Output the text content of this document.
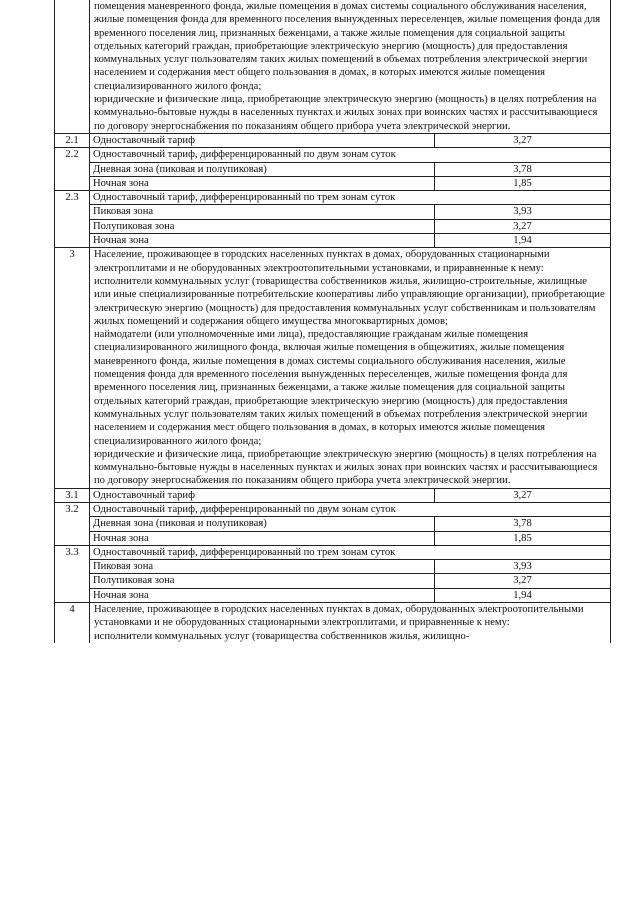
	помещения маневренного фонда, жилые помещения в домах системы социального обслуживания населения, жилые помещения фонда для временного поселения вынужденных переселенцев, жилые помещения фонда для временного поселения лиц, признанных беженцами, а также жилые помещения для социальной защиты отдельных категорий граждан, приобретающие электрическую энергию (мощность) для предоставления коммунальных услуг пользователям таких жилых помещений в объемах потребления электрической энергии населением и содержания мест общего пользования в домах, в которых имеются жилые помещения специализированного жилого фонда;
юридические и физические лица, приобретающие электрическую энергию (мощность) в целях потребления на коммунально-бытовые нужды в населенных пунктах и жилых зонах при воинских частях и рассчитывающиеся по договору энергоснабжения по показаниям общего прибора учета электрической энергии.	

2.1	Одноставочный тариф	3,27
2.2	Одноставочный тариф, дифференцированный по двум зонам суток	
	Дневная зона (пиковая и полупиковая)	3,78
	Ночная зона	1,85
2.3	Одноставочный тариф, дифференцированный по трем зонам суток	
	Пиковая зона	3,93
	Полупиковая зона	3,27
	Ночная зона	1,94
3	Население, проживающее в городских населенных пунктах в домах, оборудованных стационарными электроплитами и не оборудованных электроотопительными установками, и приравненные к нему:
исполнители коммунальных услуг (товарищества собственников жилья, жилищно-строительные, жилищные или иные специализированные потребительские кооперативы либо управляющие организации), приобретающие электрическую энергию (мощность) для предоставления коммунальных услуг собственникам и пользователям жилых помещений и содержания общего имущества многоквартирных домов;
наймодатели (или уполномоченные ими лица), предоставляющие гражданам жилые помещения специализированного жилищного фонда, включая жилые помещения в общежитиях, жилые помещения маневренного фонда, жилые помещения в домах системы социального обслуживания населения, жилые помещения фонда для временного поселения вынужденных переселенцев, жилые помещения фонда для временного поселения лиц, признанных беженцами, а также жилые помещения для социальной защиты отдельных категорий граждан, приобретающие электрическую энергию (мощность) для предоставления коммунальных услуг пользователям таких жилых помещений в объемах потребления электрической энергии населением и содержания мест общего пользования в домах, в которых имеются жилые помещения специализированного жилого фонда;
юридические и физические лица, приобретающие электрическую энергию (мощность) в целях потребления на коммунально-бытовые нужды в населенных пунктах и жилых зонах при воинских частях и рассчитывающиеся по договору энергоснабжения по показаниям общего прибора учета электрической энергии.	

3.1	Одноставочный тариф	3,27
3.2	Одноставочный тариф, дифференцированный по двум зонам суток	
	Дневная зона (пиковая и полупиковая)	3,78
	Ночная зона	1,85
3.3	Одноставочный тариф, дифференцированный по трем зонам суток	
	Пиковая зона	3,93
	Полупиковая зона	3,27
	Ночная зона	1,94
4	Население, проживающее в городских населенных пунктах в домах, оборудованных электроотопительными установками и не оборудованных стационарными электроплитами, и приравненные к нему:
исполнители коммунальных услуг (товарищества собственников жилья, жилищно-	
